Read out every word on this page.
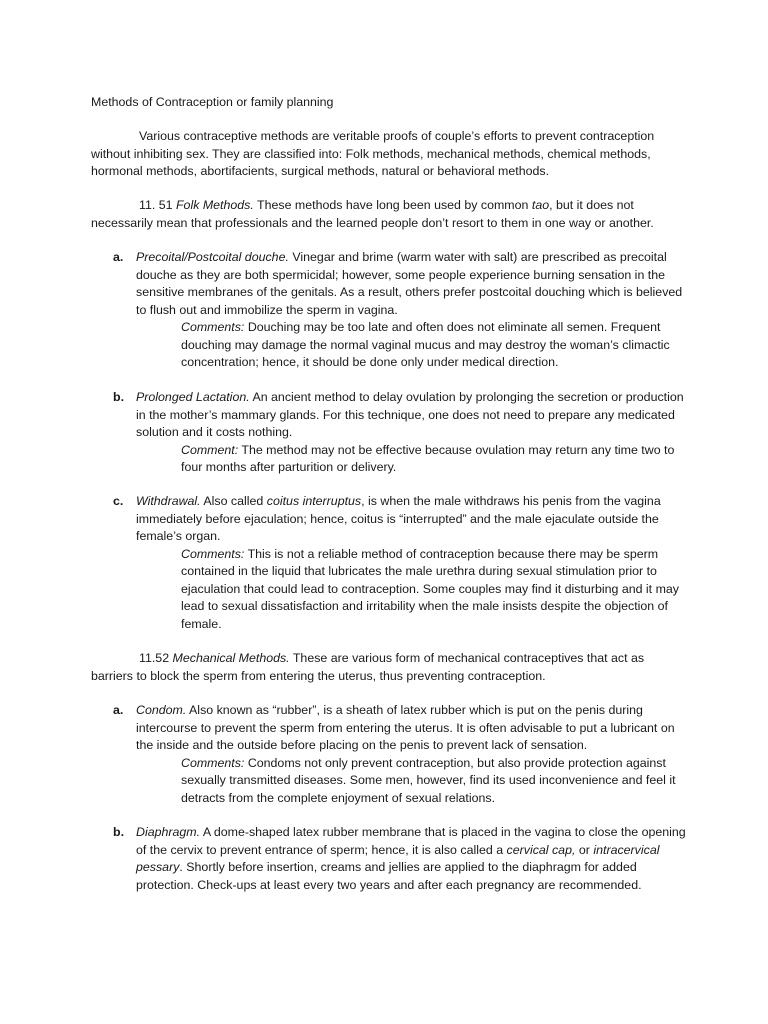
Methods of Contraception or family planning

Various contraceptive methods are veritable proofs of couple’s efforts to prevent contraception without inhibiting sex. They are classified into: Folk methods, mechanical methods, chemical methods, hormonal methods, abortifacients, surgical methods, natural or behavioral methods.

11. 51 Folk Methods. These methods have long been used by common tao, but it does not necessarily mean that professionals and the learned people don’t resort to them in one way or another.

a. Precoital/Postcoital douche. Vinegar and brime (warm water with salt) are prescribed as precoital douche as they are both spermicidal; however, some people experience burning sensation in the sensitive membranes of the genitals. As a result, others prefer postcoital douching which is believed to flush out and immobilize the sperm in vagina.

Comments: Douching may be too late and often does not eliminate all semen. Frequent douching may damage the normal vaginal mucus and may destroy the woman’s climactic concentration; hence, it should be done only under medical direction.

b. Prolonged Lactation. An ancient method to delay ovulation by prolonging the secretion or production in the mother’s mammary glands. For this technique, one does not need to prepare any medicated solution and it costs nothing.

Comment: The method may not be effective because ovulation may return any time two to four months after parturition or delivery.

c. Withdrawal. Also called coitus interruptus, is when the male withdraws his penis from the vagina immediately before ejaculation; hence, coitus is “interrupted” and the male ejaculate outside the female’s organ.

Comments: This is not a reliable method of contraception because there may be sperm contained in the liquid that lubricates the male urethra during sexual stimulation prior to ejaculation that could lead to contraception. Some couples may find it disturbing and it may lead to sexual dissatisfaction and irritability when the male insists despite the objection of female.

11.52 Mechanical Methods. These are various form of mechanical contraceptives that act as barriers to block the sperm from entering the uterus, thus preventing contraception.

a. Condom. Also known as “rubber”, is a sheath of latex rubber which is put on the penis during intercourse to prevent the sperm from entering the uterus. It is often advisable to put a lubricant on the inside and the outside before placing on the penis to prevent lack of sensation.

Comments: Condoms not only prevent contraception, but also provide protection against sexually transmitted diseases. Some men, however, find its used inconvenience and feel it detracts from the complete enjoyment of sexual relations.

b. Diaphragm. A dome-shaped latex rubber membrane that is placed in the vagina to close the opening of the cervix to prevent entrance of sperm; hence, it is also called a cervical cap, or intracervical pessary. Shortly before insertion, creams and jellies are applied to the diaphragm for added protection. Check-ups at least every two years and after each pregnancy are recommended.
